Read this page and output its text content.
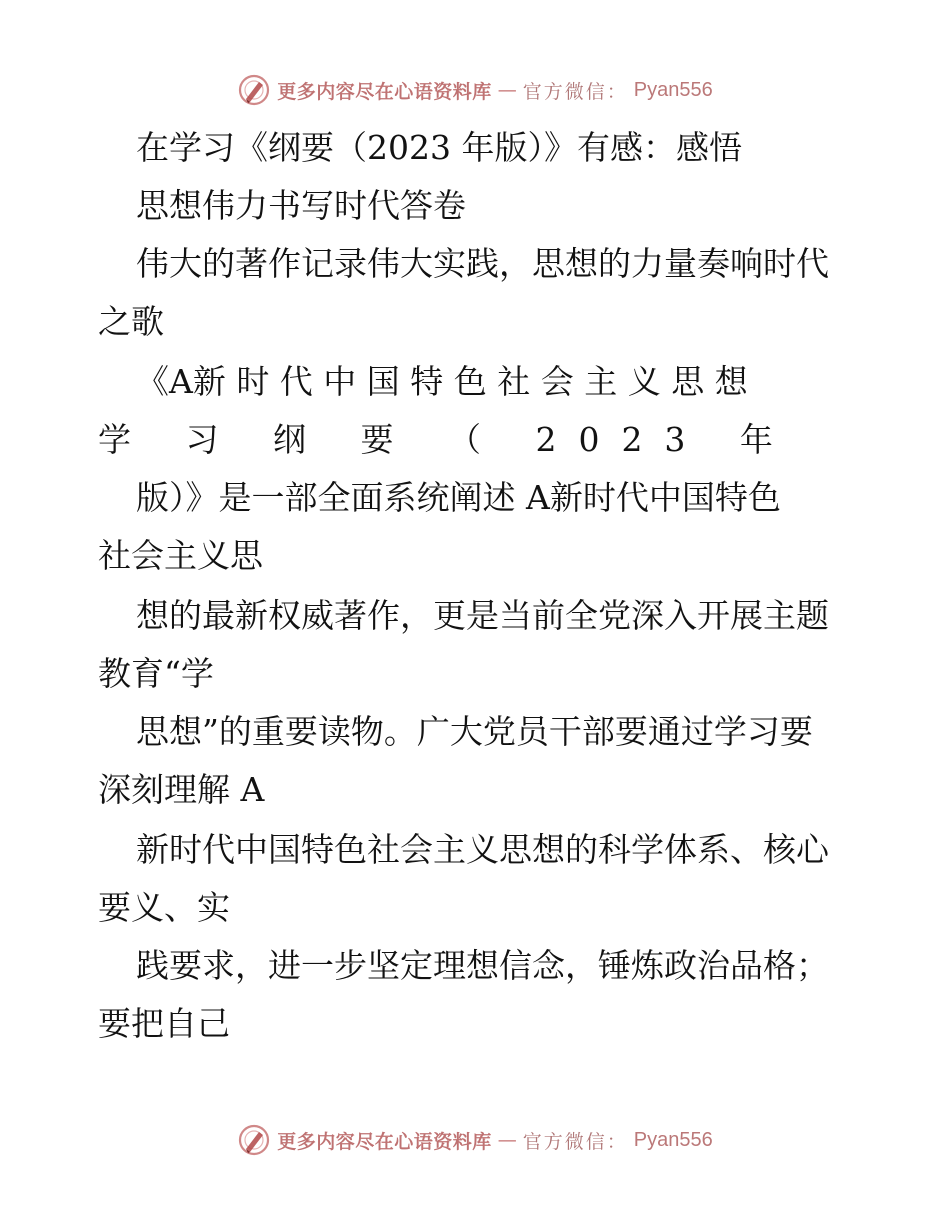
更多内容尽在心语资料库 — 官方微信： Pyan556
在学习《纲要（2023 年版）》有感：感悟
思想伟力书写时代答卷
伟大的著作记录伟大实践，思想的力量奏响时代
之歌
《A新 时 代 中 国 特 色 社 会 主 义 思 想
学 习 纲 要 （ 2023 年
版）》是一部全面系统阐述 A新时代中国特色
社会主义思
想的最新权威著作，更是当前全党深入开展主题
教育“学
思想”的重要读物。广大党员干部要通过学习要
深刻理解 A
新时代中国特色社会主义思想的科学体系、核心
要义、实
践要求，进一步坚定理想信念，锤炼政治品格；
要把自己
更多内容尽在心语资料库 — 官方微信： Pyan556
